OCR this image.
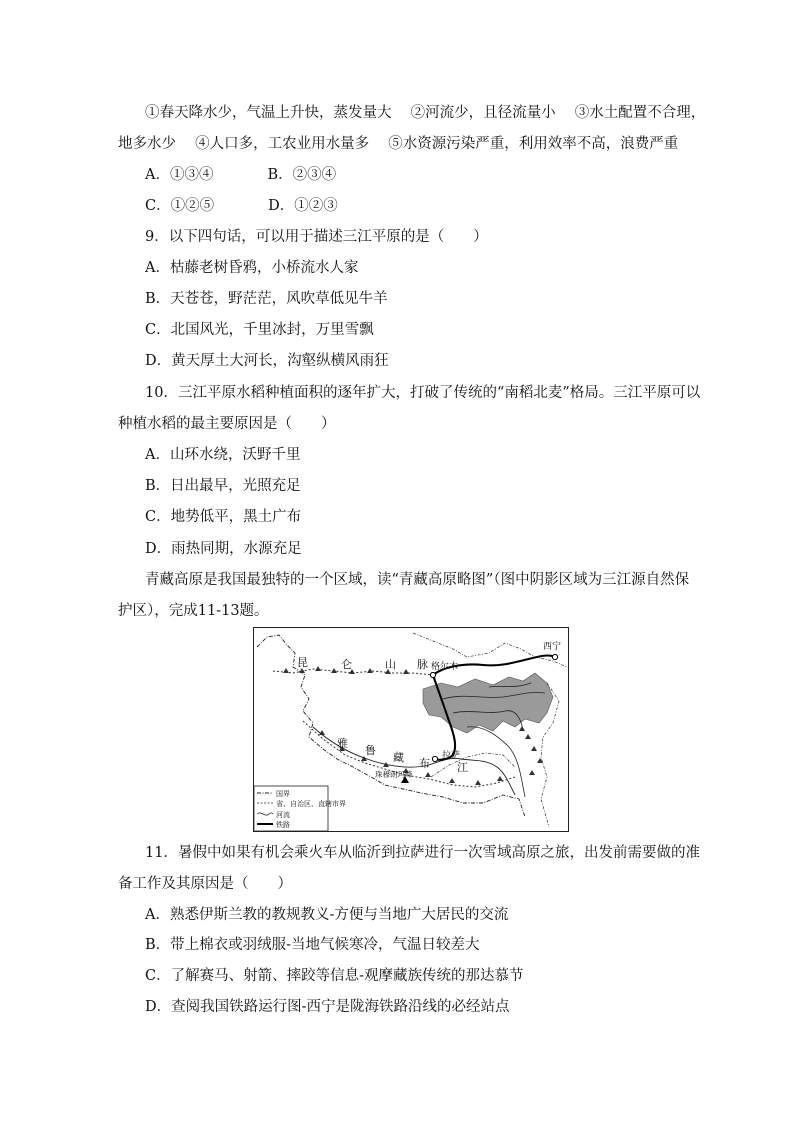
①春天降水少，气温上升快，蒸发量大　 ②河流少，且径流量小　 ③水土配置不合理，
地多水少　 ④人口多，工农业用水量多　 ⑤水资源污染严重，利用效率不高，浪费严重
A．①③④	B．②③④
C．①②⑤	D．①②③
9．以下四句话，可以用于描述三江平原的是（　　）
A．枯藤老树昏鸦，小桥流水人家
B．天苍苍，野茫茫，风吹草低见牛羊
C．北国风光，千里冰封，万里雪飘
D．黄天厚土大河长，沟壑纵横风雨狂
10．三江平原水稻种植面积的逐年扩大，打破了传统的“南稻北麦”格局。三江平原可以
种植水稻的最主要原因是（　　）
A．山环水绕，沃野千里
B．日出最早，光照充足
C．地势低平，黑土广布
D．雨热同期，水源充足
青藏高原是我国最独特的一个区域，读“青藏高原略图”（图中阴影区域为三江源自然保
护区），完成11-13题。
昆	仑	山 脉
雅
鲁
藏 布 江
格尔木
西宁
拉萨
珠穆朗玛峰
国界
省、自治区、直辖市界
河流
铁路
11．暑假中如果有机会乘火车从临沂到拉萨进行一次雪域高原之旅，出发前需要做的准
备工作及其原因是（　　）
A．熟悉伊斯兰教的教规教义-方便与当地广大居民的交流
B．带上棉衣或羽绒服-当地气候寒冷，气温日较差大
C．了解赛马、射箭、摔跤等信息-观摩藏族传统的那达慕节
D．查阅我国铁路运行图-西宁是陇海铁路沿线的必经站点
